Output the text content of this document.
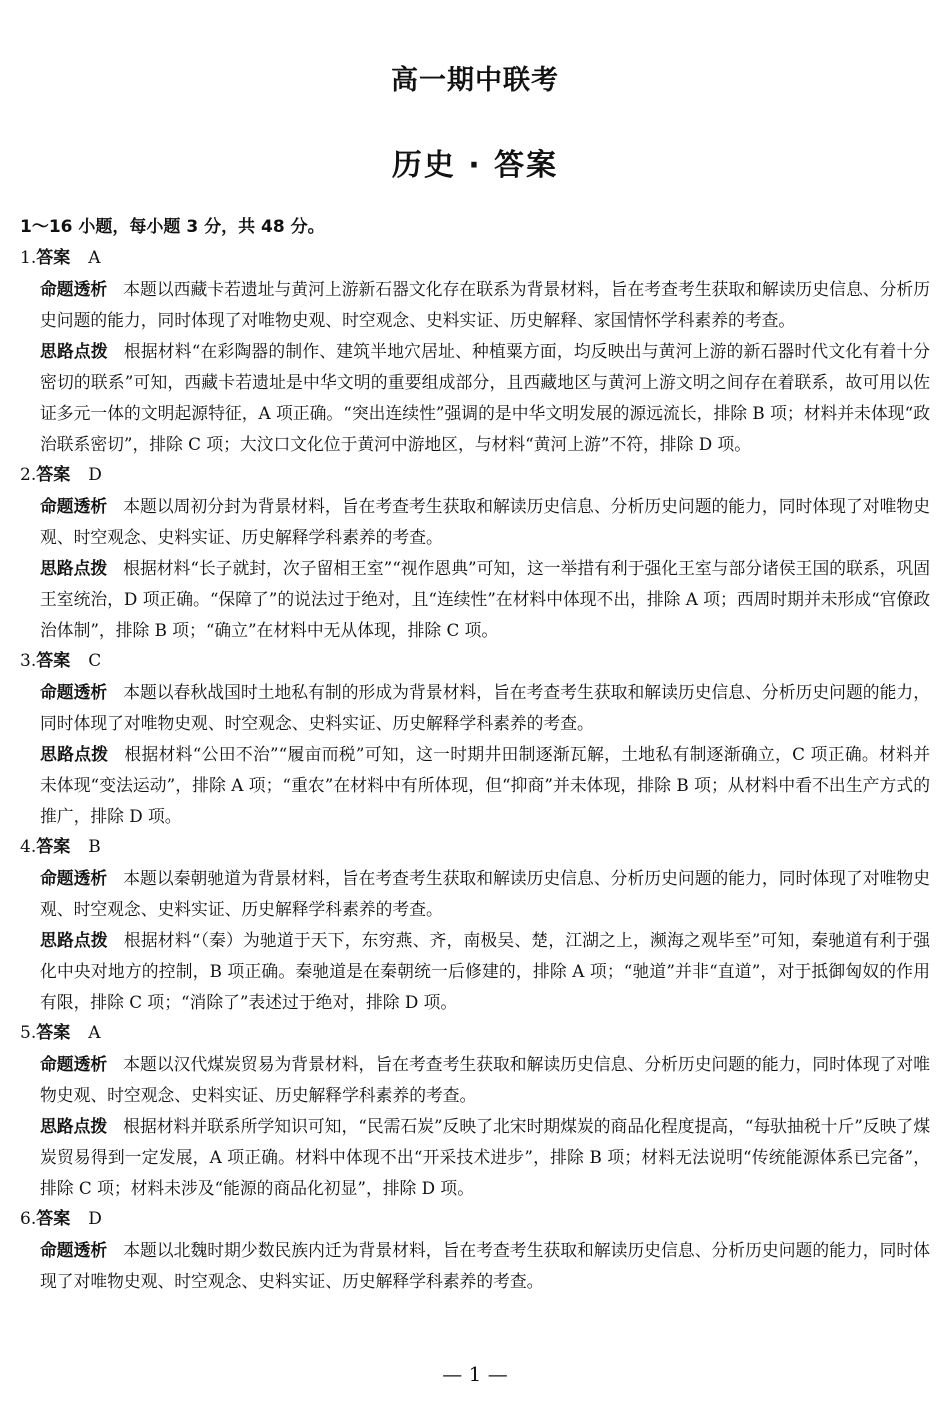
高一期中联考
历史 · 答案
1～16 小题，每小题 3 分，共 48 分。
1.答案 A
命题透析 本题以西藏卡若遗址与黄河上游新石器文化存在联系为背景材料，旨在考查考生获取和解读历史信息、分析历史问题的能力，同时体现了对唯物史观、时空观念、史料实证、历史解释、家国情怀学科素养的考查。
思路点拨 根据材料“在彩陶器的制作、建筑半地穴居址、种植粟方面，均反映出与黄河上游的新石器时代文化有着十分密切的联系”可知，西藏卡若遗址是中华文明的重要组成部分，且西藏地区与黄河上游文明之间存在着联系，故可用以佐证多元一体的文明起源特征，A 项正确。“突出连续性”强调的是中华文明发展的源远流长，排除 B 项；材料并未体现“政治联系密切”，排除 C 项；大汶口文化位于黄河中游地区，与材料“黄河上游”不符，排除 D 项。
2.答案 D
命题透析 本题以周初分封为背景材料，旨在考查考生获取和解读历史信息、分析历史问题的能力，同时体现了对唯物史观、时空观念、史料实证、历史解释学科素养的考查。
思路点拨 根据材料“长子就封，次子留相王室”“视作恩典”可知，这一举措有利于强化王室与部分诸侯王国的联系，巩固王室统治，D 项正确。“保障了”的说法过于绝对，且“连续性”在材料中体现不出，排除 A 项；西周时期并未形成“官僚政治体制”，排除 B 项；“确立”在材料中无从体现，排除 C 项。
3.答案 C
命题透析 本题以春秋战国时土地私有制的形成为背景材料，旨在考查考生获取和解读历史信息、分析历史问题的能力，同时体现了对唯物史观、时空观念、史料实证、历史解释学科素养的考查。
思路点拨 根据材料“公田不治”“履亩而税”可知，这一时期井田制逐渐瓦解，土地私有制逐渐确立，C 项正确。材料并未体现“变法运动”，排除 A 项；“重农”在材料中有所体现，但“抑商”并未体现，排除 B 项；从材料中看不出生产方式的推广，排除 D 项。
4.答案 B
命题透析 本题以秦朝驰道为背景材料，旨在考查考生获取和解读历史信息、分析历史问题的能力，同时体现了对唯物史观、时空观念、史料实证、历史解释学科素养的考查。
思路点拨 根据材料“（秦）为驰道于天下，东穷燕、齐，南极吴、楚，江湖之上，濒海之观毕至”可知，秦驰道有利于强化中央对地方的控制，B 项正确。秦驰道是在秦朝统一后修建的，排除 A 项；“驰道”并非“直道”，对于抵御匈奴的作用有限，排除 C 项；“消除了”表述过于绝对，排除 D 项。
5.答案 A
命题透析 本题以汉代煤炭贸易为背景材料，旨在考查考生获取和解读历史信息、分析历史问题的能力，同时体现了对唯物史观、时空观念、史料实证、历史解释学科素养的考查。
思路点拨 根据材料并联系所学知识可知，“民需石炭”反映了北宋时期煤炭的商品化程度提高，“每驮抽税十斤”反映了煤炭贸易得到一定发展，A 项正确。材料中体现不出“开采技术进步”，排除 B 项；材料无法说明“传统能源体系已完备”，排除 C 项；材料未涉及“能源的商品化初显”，排除 D 项。
6.答案 D
命题透析 本题以北魏时期少数民族内迁为背景材料，旨在考查考生获取和解读历史信息、分析历史问题的能力，同时体现了对唯物史观、时空观念、史料实证、历史解释学科素养的考查。
— 1 —
